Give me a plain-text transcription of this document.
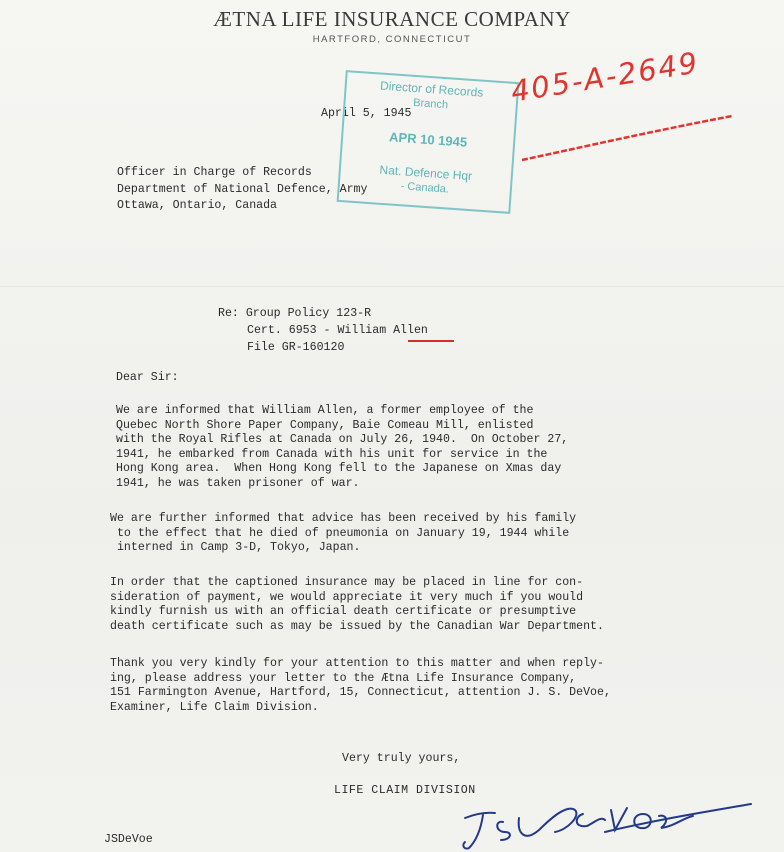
ÆTNA LIFE INSURANCE COMPANY
HARTFORD, CONNECTICUT
April 5, 1945
Director of Records
Branch
APR 10 1945
Nat. Defence Hqr
- Canada.
405-A-2649
Officer in Charge of Records
Department of National Defence, Army
Ottawa, Ontario, Canada
Re: Group Policy 123-R
Cert. 6953 - William Allen
File GR-160120
Dear Sir:
We are informed that William Allen, a former employee of the
Quebec North Shore Paper Company, Baie Comeau Mill, enlisted
with the Royal Rifles at Canada on July 26, 1940.  On October 27,
1941, he embarked from Canada with his unit for service in the
Hong Kong area.  When Hong Kong fell to the Japanese on Xmas day
1941, he was taken prisoner of war.
We are further informed that advice has been received by his family
to the effect that he died of pneumonia on January 19, 1944 while
interned in Camp 3-D, Tokyo, Japan.
In order that the captioned insurance may be placed in line for con-
sideration of payment, we would appreciate it very much if you would
kindly furnish us with an official death certificate or presumptive
death certificate such as may be issued by the Canadian War Department.
Thank you very kindly for your attention to this matter and when reply-
ing, please address your letter to the Ætna Life Insurance Company,
151 Farmington Avenue, Hartford, 15, Connecticut, attention J. S. DeVoe,
Examiner, Life Claim Division.
Very truly yours,
LIFE CLAIM DIVISION
JSDeVoe
